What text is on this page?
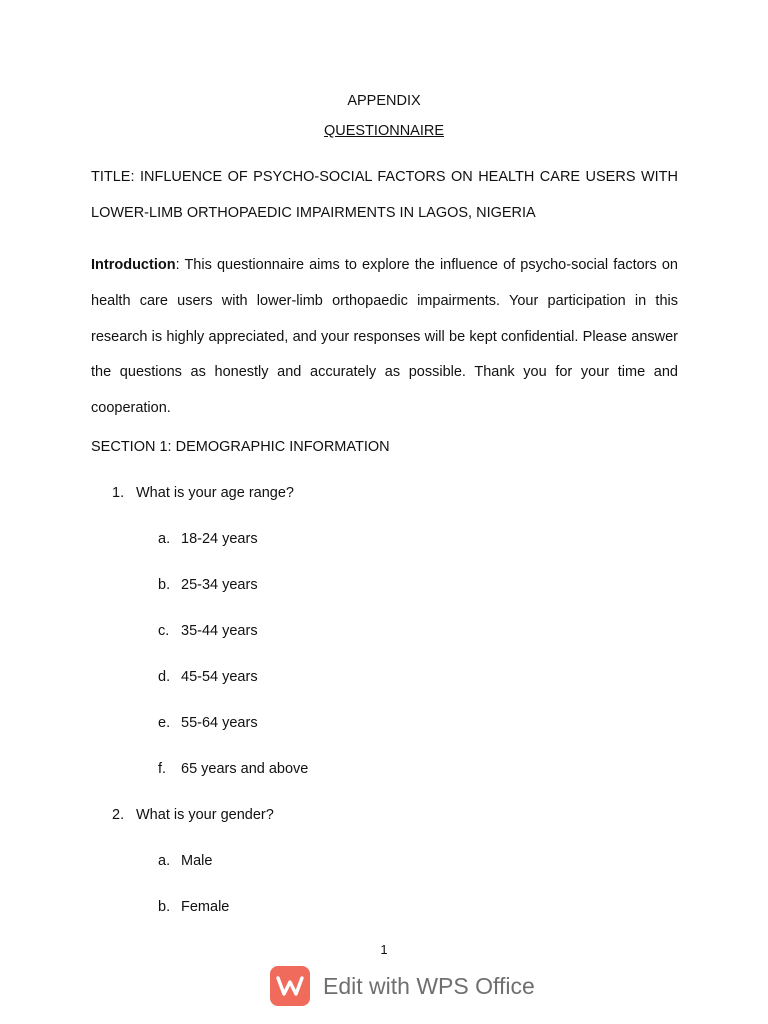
APPENDIX
QUESTIONNAIRE
TITLE: INFLUENCE OF PSYCHO-SOCIAL FACTORS ON HEALTH CARE USERS WITH
LOWER-LIMB ORTHOPAEDIC IMPAIRMENTS IN LAGOS, NIGERIA
Introduction: This questionnaire aims to explore the influence of psycho-social factors on health care users with lower-limb orthopaedic impairments. Your participation in this research is highly appreciated, and your responses will be kept confidential. Please answer the questions as honestly and accurately as possible. Thank you for your time and cooperation.
SECTION 1: DEMOGRAPHIC INFORMATION
1. What is your age range?
a. 18-24 years
b. 25-34 years
c. 35-44 years
d. 45-54 years
e. 55-64 years
f. 65 years and above
2. What is your gender?
a. Male
b. Female
1
Edit with WPS Office
